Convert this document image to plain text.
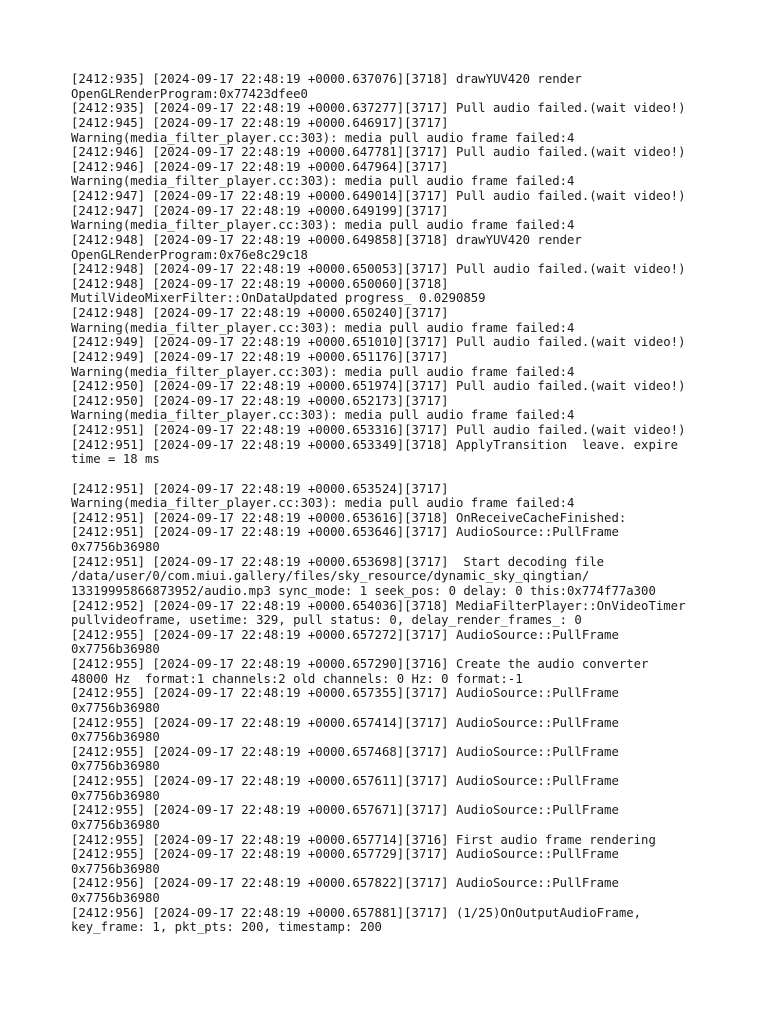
[2412:935] [2024-09-17 22:48:19 +0000.637076][3718] drawYUV420 render
OpenGLRenderProgram:0x77423dfee0
[2412:935] [2024-09-17 22:48:19 +0000.637277][3717] Pull audio failed.(wait video!)
[2412:945] [2024-09-17 22:48:19 +0000.646917][3717]
Warning(media_filter_player.cc:303): media pull audio frame failed:4
[2412:946] [2024-09-17 22:48:19 +0000.647781][3717] Pull audio failed.(wait video!)
[2412:946] [2024-09-17 22:48:19 +0000.647964][3717]
Warning(media_filter_player.cc:303): media pull audio frame failed:4
[2412:947] [2024-09-17 22:48:19 +0000.649014][3717] Pull audio failed.(wait video!)
[2412:947] [2024-09-17 22:48:19 +0000.649199][3717]
Warning(media_filter_player.cc:303): media pull audio frame failed:4
[2412:948] [2024-09-17 22:48:19 +0000.649858][3718] drawYUV420 render
OpenGLRenderProgram:0x76e8c29c18
[2412:948] [2024-09-17 22:48:19 +0000.650053][3717] Pull audio failed.(wait video!)
[2412:948] [2024-09-17 22:48:19 +0000.650060][3718]
MutilVideoMixerFilter::OnDataUpdated progress_ 0.0290859
[2412:948] [2024-09-17 22:48:19 +0000.650240][3717]
Warning(media_filter_player.cc:303): media pull audio frame failed:4
[2412:949] [2024-09-17 22:48:19 +0000.651010][3717] Pull audio failed.(wait video!)
[2412:949] [2024-09-17 22:48:19 +0000.651176][3717]
Warning(media_filter_player.cc:303): media pull audio frame failed:4
[2412:950] [2024-09-17 22:48:19 +0000.651974][3717] Pull audio failed.(wait video!)
[2412:950] [2024-09-17 22:48:19 +0000.652173][3717]
Warning(media_filter_player.cc:303): media pull audio frame failed:4
[2412:951] [2024-09-17 22:48:19 +0000.653316][3717] Pull audio failed.(wait video!)
[2412:951] [2024-09-17 22:48:19 +0000.653349][3718] ApplyTransition  leave. expire
time = 18 ms
[2412:951] [2024-09-17 22:48:19 +0000.653524][3717]
Warning(media_filter_player.cc:303): media pull audio frame failed:4
[2412:951] [2024-09-17 22:48:19 +0000.653616][3718] OnReceiveCacheFinished:
[2412:951] [2024-09-17 22:48:19 +0000.653646][3717] AudioSource::PullFrame
0x7756b36980
[2412:951] [2024-09-17 22:48:19 +0000.653698][3717]  Start decoding file
/data/user/0/com.miui.gallery/files/sky_resource/dynamic_sky_qingtian/
13319995866873952/audio.mp3 sync_mode: 1 seek_pos: 0 delay: 0 this:0x774f77a300
[2412:952] [2024-09-17 22:48:19 +0000.654036][3718] MediaFilterPlayer::OnVideoTimer
pullvideoframe, usetime: 329, pull status: 0, delay_render_frames_: 0
[2412:955] [2024-09-17 22:48:19 +0000.657272][3717] AudioSource::PullFrame
0x7756b36980
[2412:955] [2024-09-17 22:48:19 +0000.657290][3716] Create the audio converter
48000 Hz  format:1 channels:2 old channels: 0 Hz: 0 format:-1
[2412:955] [2024-09-17 22:48:19 +0000.657355][3717] AudioSource::PullFrame
0x7756b36980
[2412:955] [2024-09-17 22:48:19 +0000.657414][3717] AudioSource::PullFrame
0x7756b36980
[2412:955] [2024-09-17 22:48:19 +0000.657468][3717] AudioSource::PullFrame
0x7756b36980
[2412:955] [2024-09-17 22:48:19 +0000.657611][3717] AudioSource::PullFrame
0x7756b36980
[2412:955] [2024-09-17 22:48:19 +0000.657671][3717] AudioSource::PullFrame
0x7756b36980
[2412:955] [2024-09-17 22:48:19 +0000.657714][3716] First audio frame rendering
[2412:955] [2024-09-17 22:48:19 +0000.657729][3717] AudioSource::PullFrame
0x7756b36980
[2412:956] [2024-09-17 22:48:19 +0000.657822][3717] AudioSource::PullFrame
0x7756b36980
[2412:956] [2024-09-17 22:48:19 +0000.657881][3717] (1/25)OnOutputAudioFrame,
key_frame: 1, pkt_pts: 200, timestamp: 200
